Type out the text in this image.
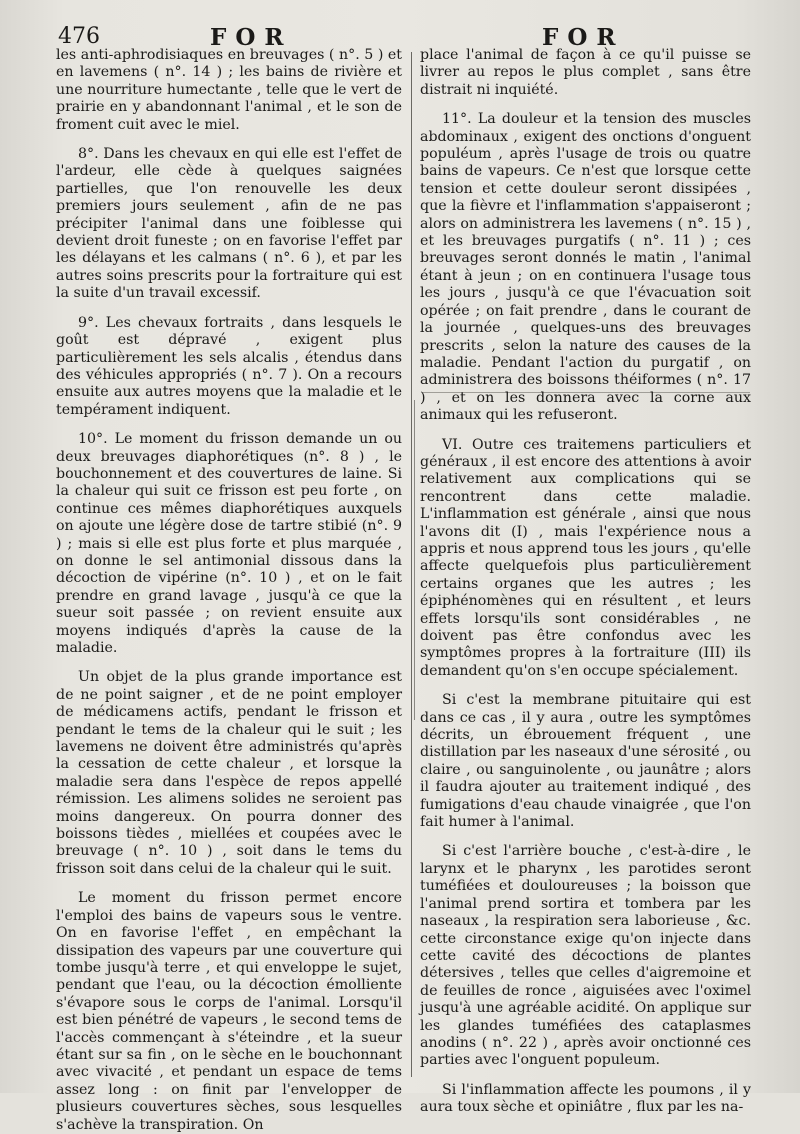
476	FOR	FOR

les anti-aphrodisiaques en breuvages ( n°. 5 ) et en lavemens ( n°. 14 ) ; les bains de rivière et une nourriture humectante , telle que le vert de prairie en y abandonnant l'animal , et le son de froment cuit avec le miel.

8°. Dans les chevaux en qui elle est l'effet de l'ardeur, elle cède à quelques saignées partielles, que l'on renouvelle les deux premiers jours seulement , afin de ne pas précipiter l'animal dans une foiblesse qui devient droit funeste ; on en favorise l'effet par les délayans et les calmans ( n°. 6 ), et par les autres soins prescrits pour la fortraiture qui est la suite d'un travail excessif.

9°. Les chevaux fortraits , dans lesquels le goût est dépravé , exigent plus particulièrement les sels alcalis , étendus dans des véhicules appropriés ( n°. 7 ). On a recours ensuite aux autres moyens que la maladie et le tempérament indiquent.

10°. Le moment du frisson demande un ou deux breuvages diaphorétiques (n°. 8 ) , le bouchonnement et des couvertures de laine. Si la chaleur qui suit ce frisson est peu forte , on continue ces mêmes diaphorétiques auxquels on ajoute une légère dose de tartre stibié (n°. 9 ) ; mais si elle est plus forte et plus marquée , on donne le sel antimonial dissous dans la décoction de vipérine (n°. 10 ) , et on le fait prendre en grand lavage , jusqu'à ce que la sueur soit passée ; on revient ensuite aux moyens indiqués d'après la cause de la maladie.

Un objet de la plus grande importance est de ne point saigner , et de ne point employer de médicamens actifs, pendant le frisson et pendant le tems de la chaleur qui le suit ; les lavemens ne doivent être administrés qu'après la cessation de cette chaleur , et lorsque la maladie sera dans l'espèce de repos appellé rémission. Les alimens solides ne seroient pas moins dangereux. On pourra donner des boissons tièdes , miellées et coupées avec le breuvage ( n°. 10 ) , soit dans le tems du frisson soit dans celui de la chaleur qui le suit.

Le moment du frisson permet encore l'emploi des bains de vapeurs sous le ventre. On en favorise l'effet , en empêchant la dissipation des vapeurs par une couverture qui tombe jusqu'à terre , et qui enveloppe le sujet, pendant que l'eau, ou la décoction émolliente s'évapore sous le corps de l'animal. Lorsqu'il est bien pénétré de vapeurs , le second tems de l'accès commençant à s'éteindre , et la sueur étant sur sa fin , on le sèche en le bouchonnant avec vivacité , et pendant un espace de tems assez long : on finit par l'envelopper de plusieurs couvertures sèches, sous lesquelles s'achève la transpiration. On

place l'animal de façon à ce qu'il puisse se livrer au repos le plus complet , sans être distrait ni inquiété.

11°. La douleur et la tension des muscles abdominaux , exigent des onctions d'onguent populéum , après l'usage de trois ou quatre bains de vapeurs. Ce n'est que lorsque cette tension et cette douleur seront dissipées , que la fièvre et l'inflammation s'appaiseront ; alors on administrera les lavemens ( n°. 15 ) , et les breuvages purgatifs ( n°. 11 ) ; ces breuvages seront donnés le matin , l'animal étant à jeun ; on en continuera l'usage tous les jours , jusqu'à ce que l'évacuation soit opérée ; on fait prendre , dans le courant de la journée , quelques-uns des breuvages prescrits , selon la nature des causes de la maladie. Pendant l'action du purgatif , on administrera des boissons théiformes ( n°. 17 ) , et on les donnera avec la corne aux animaux qui les refuseront.

VI. Outre ces traitemens particuliers et généraux , il est encore des attentions à avoir relativement aux complications qui se rencontrent dans cette maladie. L'inflammation est générale , ainsi que nous l'avons dit (I) , mais l'expérience nous a appris et nous apprend tous les jours , qu'elle affecte quelquefois plus particulièrement certains organes que les autres ; les épiphénomènes qui en résultent , et leurs effets lorsqu'ils sont considérables , ne doivent pas être confondus avec les symptômes propres à la fortraiture (III) ils demandent qu'on s'en occupe spécialement.

Si c'est la membrane pituitaire qui est dans ce cas , il y aura , outre les symptômes décrits, un ébrouement fréquent , une distillation par les naseaux d'une sérosité , ou claire , ou sanguinolente , ou jaunâtre ; alors il faudra ajouter au traitement indiqué , des fumigations d'eau chaude vinaigrée , que l'on fait humer à l'animal.

Si c'est l'arrière bouche , c'est-à-dire , le larynx et le pharynx , les parotides seront tuméfiées et douloureuses ; la boisson que l'animal prend sortira et tombera par les naseaux , la respiration sera laborieuse , &c. cette circonstance exige qu'on injecte dans cette cavité des décoctions de plantes détersives , telles que celles d'aigremoine et de feuilles de ronce , aiguisées avec l'oximel jusqu'à une agréable acidité. On applique sur les glandes tuméfiées des cataplasmes anodins ( n°. 22 ) , après avoir onctionné ces parties avec l'onguent populeum.

Si l'inflammation affecte les poumons , il y aura toux sèche et opiniâtre , flux par les na-
